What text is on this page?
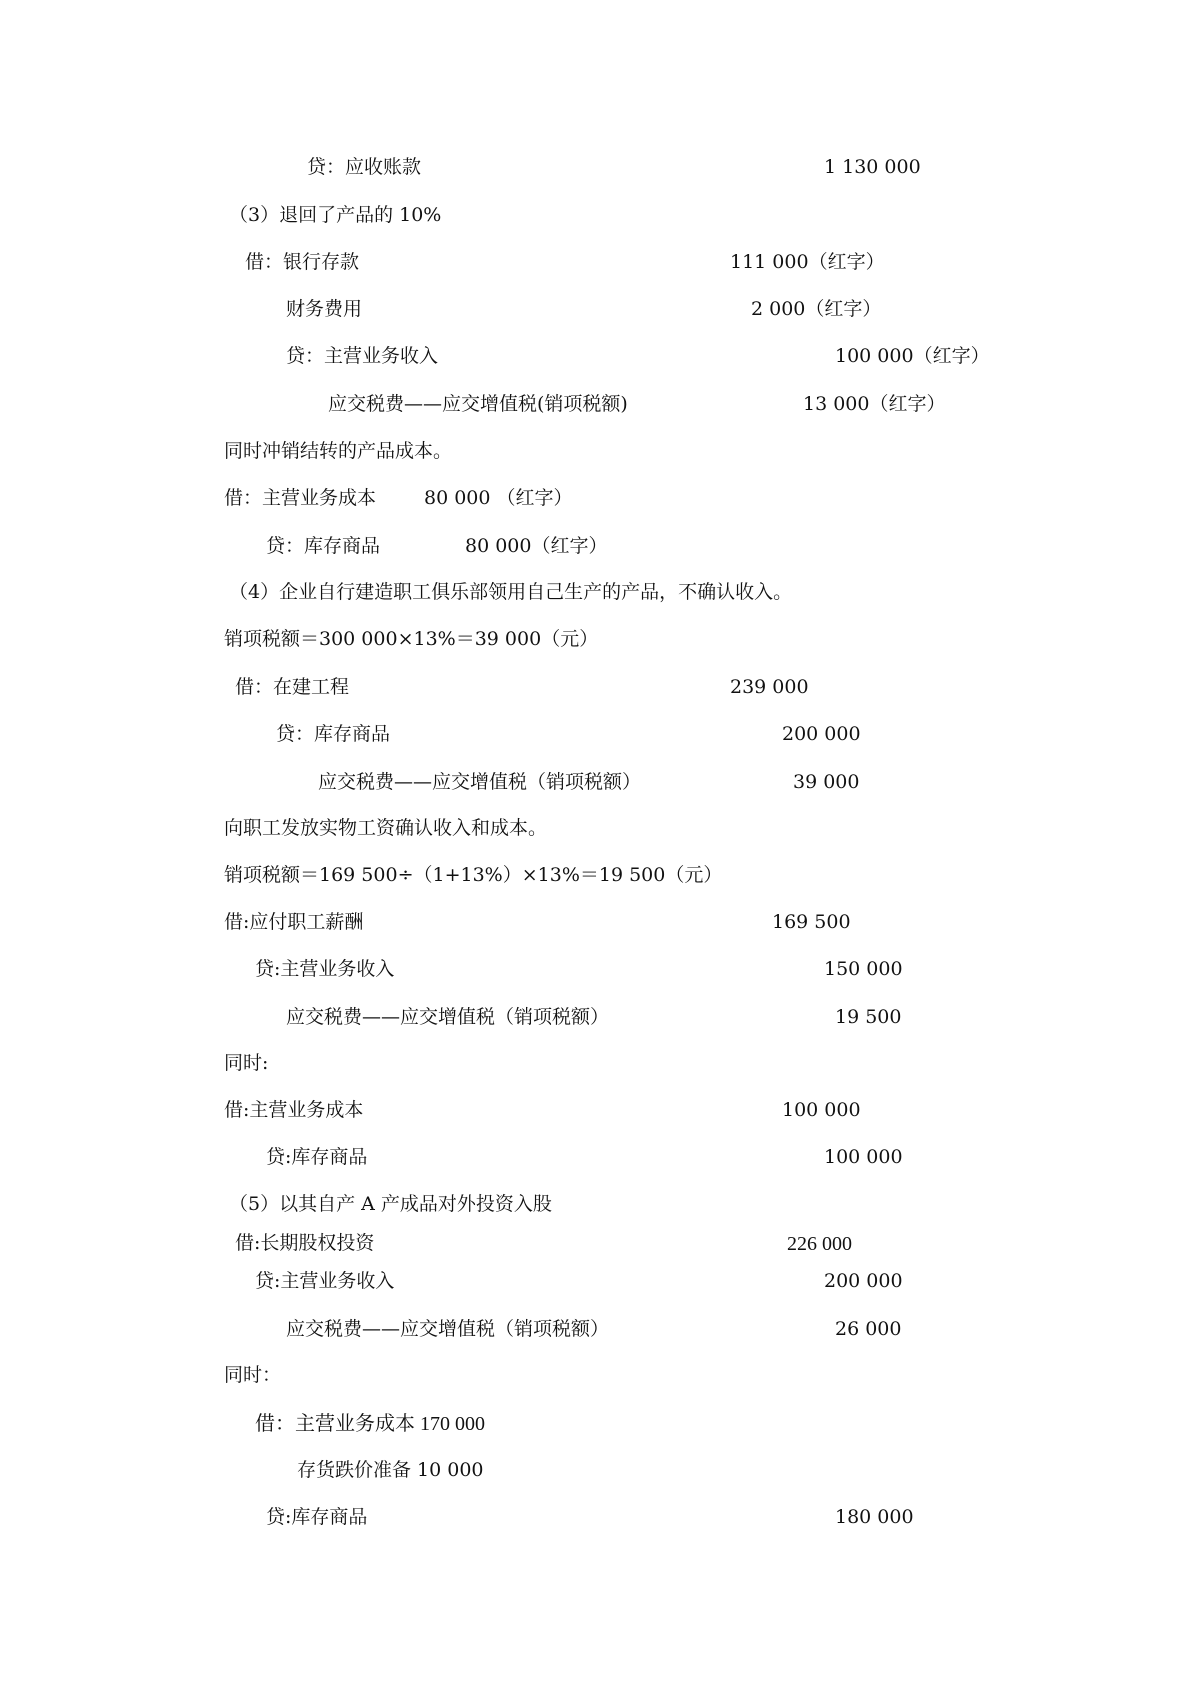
贷：应收账款	1 130 000

（3）退回了产品的 10%

借：银行存款	111 000（红字）

财务费用	2 000（红字）

贷：主营业务收入	100 000（红字）

应交税费——应交增值税(销项税额)	13 000（红字）

同时冲销结转的产品成本。

借：主营业务成本	80 000 （红字）

贷：库存商品	80 000（红字）

（4）企业自行建造职工俱乐部领用自己生产的产品，不确认收入。

销项税额＝300 000×13%＝39 000（元）

借：在建工程	239 000

贷：库存商品	200 000

应交税费——应交增值税（销项税额）	39 000

向职工发放实物工资确认收入和成本。

销项税额＝169 500÷（1+13%）×13%＝19 500（元）

借:应付职工薪酬	169 500

贷:主营业务收入	150 000

应交税费——应交增值税（销项税额）	19 500

同时:

借:主营业务成本	100 000

贷:库存商品	100 000

（5）以其自产 A 产成品对外投资入股

借:长期股权投资	226 000

贷:主营业务收入	200 000

应交税费——应交增值税（销项税额）	26 000

同时：

借：主营业务成本 170 000

存货跌价准备 10 000

贷:库存商品	180 000
